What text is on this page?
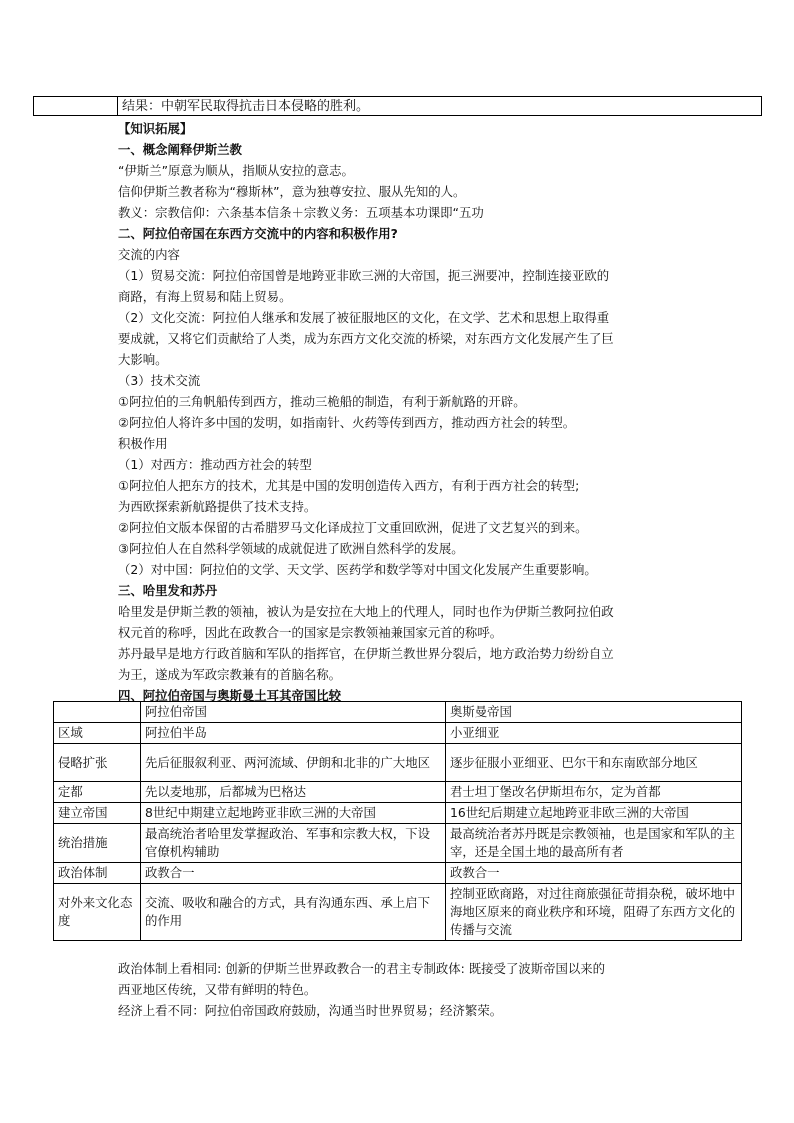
结果：中朝军民取得抗击日本侵略的胜利。
【知识拓展】
一、概念阐释伊斯兰教
“伊斯兰”原意为顺从，指顺从安拉的意志。
信仰伊斯兰教者称为“穆斯林”，意为独尊安拉、服从先知的人。
教义：宗教信仰：六条基本信条＋宗教义务：五项基本功课即“五功
二、阿拉伯帝国在东西方交流中的内容和积极作用?
交流的内容
（1）贸易交流：阿拉伯帝国曾是地跨亚非欧三洲的大帝国，扼三洲要冲，控制连接亚欧的
商路，有海上贸易和陆上贸易。
（2）文化交流：阿拉伯人继承和发展了被征服地区的文化，在文学、艺术和思想上取得重
要成就，又将它们贡献给了人类，成为东西方文化交流的桥梁，对东西方文化发展产生了巨
大影响。
（3）技术交流
①阿拉伯的三角帆船传到西方，推动三桅船的制造，有利于新航路的开辟。
②阿拉伯人将许多中国的发明，如指南针、火药等传到西方，推动西方社会的转型。
积极作用
（1）对西方：推动西方社会的转型
①阿拉伯人把东方的技术，尤其是中国的发明创造传入西方，有利于西方社会的转型;
为西欧探索新航路提供了技术支持。
②阿拉伯文版本保留的古希腊罗马文化译成拉丁文重回欧洲，促进了文艺复兴的到来。
③阿拉伯人在自然科学领域的成就促进了欧洲自然科学的发展。
（2）对中国：阿拉伯的文学、天文学、医药学和数学等对中国文化发展产生重要影响。
三、哈里发和苏丹
哈里发是伊斯兰教的领袖，被认为是安拉在大地上的代理人，同时也作为伊斯兰教阿拉伯政
权元首的称呼，因此在政教合一的国家是宗教领袖兼国家元首的称呼。
苏丹最早是地方行政首脑和军队的指挥官，在伊斯兰教世界分裂后，地方政治势力纷纷自立
为王，遂成为军政宗教兼有的首脑名称。
四、阿拉伯帝国与奥斯曼土耳其帝国比较
	阿拉伯帝国	奥斯曼帝国
区域	阿拉伯半岛	小亚细亚
侵略扩张	先后征服叙利亚、两河流域、伊朗和北非的广大地区	逐步征服小亚细亚、巴尔干和东南欧部分地区
定都	先以麦地那，后都城为巴格达	君士坦丁堡改名伊斯坦布尔，定为首都
建立帝国	8世纪中期建立起地跨亚非欧三洲的大帝国	16世纪后期建立起地跨亚非欧三洲的大帝国
统治措施	最高统治者哈里发掌握政治、军事和宗教大权，下设官僚机构辅助	最高统治者苏丹既是宗教领袖，也是国家和军队的主宰，还是全国土地的最高所有者
政治体制	政教合一	政教合一
对外来文化态度	交流、吸收和融合的方式，具有沟通东西、承上启下的作用	控制亚欧商路，对过往商旅强征苛捐杂税，破坏地中海地区原来的商业秩序和环境，阻碍了东西方文化的传播与交流
政治体制上看相同: 创新的伊斯兰世界政教合一的君主专制政体: 既接受了波斯帝国以来的
西亚地区传统，又带有鲜明的特色。
经济上看不同：阿拉伯帝国政府鼓励，沟通当时世界贸易；经济繁荣。
